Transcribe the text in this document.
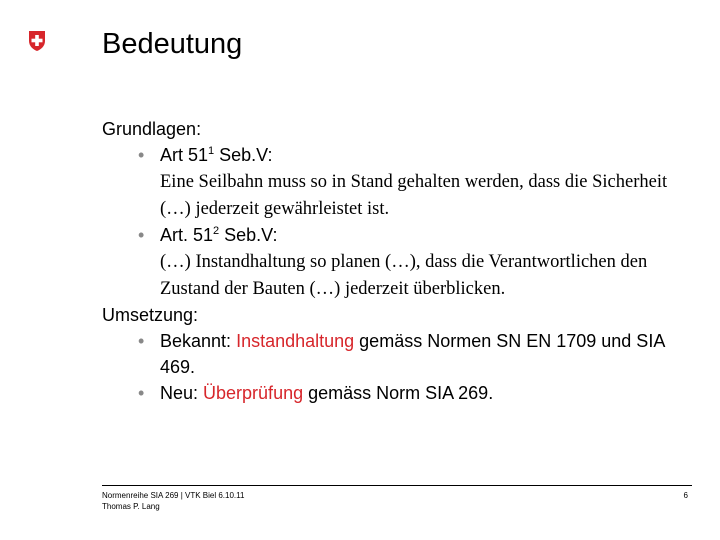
Bedeutung

Grundlagen:

• Art $51^1$ Seb.V:
Eine Seilbahn muss so in Stand gehalten werden, dass die Sicherheit (…) jederzeit gewährleistet ist.
• Art. $51^2$ Seb.V:
(…) Instandhaltung so planen (…), dass die Verantwortlichen den Zustand der Bauten (…) jederzeit überblicken.

Umsetzung:

• Bekannt: Instandhaltung gemäss Normen SN EN 1709 und SIA 469.
• Neu: Überprüfung gemäss Norm SIA 269.
Normenreihe SIA 269 | VTK Biel 6.10.11
Thomas P. Lang
6
